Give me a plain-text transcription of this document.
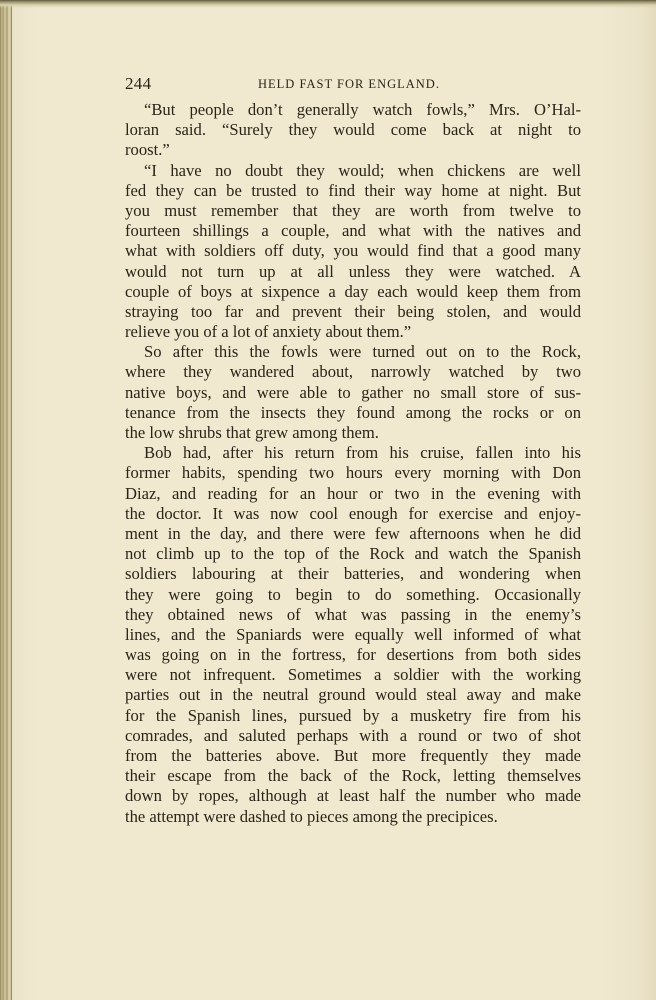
244	HELD FAST FOR ENGLAND.
“But people don’t generally watch fowls,” Mrs. O’Hal-
loran said. “Surely they would come back at night to
roost.”
“I have no doubt they would; when chickens are well
fed they can be trusted to find their way home at night. But
you must remember that they are worth from twelve to
fourteen shillings a couple, and what with the natives and
what with soldiers off duty, you would find that a good many
would not turn up at all unless they were watched. A
couple of boys at sixpence a day each would keep them from
straying too far and prevent their being stolen, and would
relieve you of a lot of anxiety about them.”
So after this the fowls were turned out on to the Rock,
where they wandered about, narrowly watched by two
native boys, and were able to gather no small store of sus-
tenance from the insects they found among the rocks or on
the low shrubs that grew among them.
Bob had, after his return from his cruise, fallen into his
former habits, spending two hours every morning with Don
Diaz, and reading for an hour or two in the evening with
the doctor. It was now cool enough for exercise and enjoy-
ment in the day, and there were few afternoons when he did
not climb up to the top of the Rock and watch the Spanish
soldiers labouring at their batteries, and wondering when
they were going to begin to do something. Occasionally
they obtained news of what was passing in the enemy’s
lines, and the Spaniards were equally well informed of what
was going on in the fortress, for desertions from both sides
were not infrequent. Sometimes a soldier with the working
parties out in the neutral ground would steal away and make
for the Spanish lines, pursued by a musketry fire from his
comrades, and saluted perhaps with a round or two of shot
from the batteries above. But more frequently they made
their escape from the back of the Rock, letting themselves
down by ropes, although at least half the number who made
the attempt were dashed to pieces among the precipices.
